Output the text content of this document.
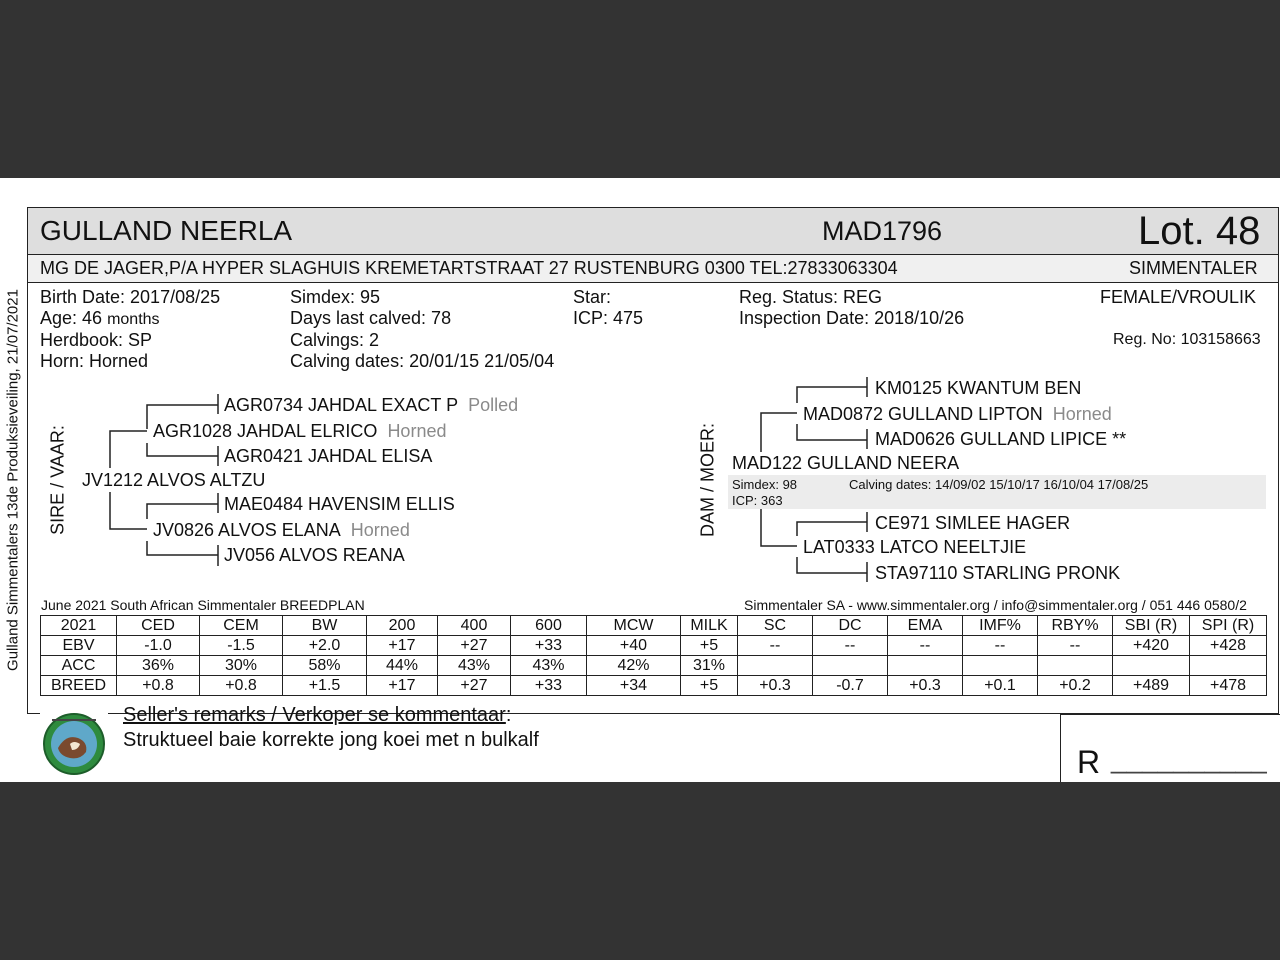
Gulland Simmentalers 13de Produksieveiling, 21/07/2021
GULLAND NEERLA	MAD1796	Lot. 48
MG DE JAGER,P/A HYPER SLAGHUIS KREMETARTSTRAAT 27 RUSTENBURG 0300 TEL:27833063304	SIMMENTALER
Birth Date: 2017/08/25
Age: 46 months
Herdbook: SP
Horn: Horned
Simdex: 95
Days last calved: 78
Calvings: 2
Calving dates: 20/01/15 21/05/04
Star:
ICP: 475
Reg. Status: REG
Inspection Date: 2018/10/26
FEMALE/VROULIK
Reg. No: 103158663
SIRE / VAAR:
AGR0734 JAHDAL EXACT P Polled
AGR1028 JAHDAL ELRICO Horned
AGR0421 JAHDAL ELISA
JV1212 ALVOS ALTZU
MAE0484 HAVENSIM ELLIS
JV0826 ALVOS ELANA Horned
JV056 ALVOS REANA
DAM / MOER:
KM0125 KWANTUM BEN
MAD0872 GULLAND LIPTON Horned
MAD0626 GULLAND LIPICE **
MAD122 GULLAND NEERA
Simdex: 98	Calving dates: 14/09/02 15/10/17 16/10/04 17/08/25
ICP: 363
CE971 SIMLEE HAGER
LAT0333 LATCO NEELTJIE
STA97110 STARLING PRONK
June 2021 South African Simmentaler BREEDPLAN	Simmentaler SA - www.simmentaler.org / info@simmentaler.org / 051 446 0580/2
2021	CED	CEM	BW	200	400	600	MCW	MILK	SC	DC	EMA	IMF%	RBY%	SBI (R)	SPI (R)
EBV	-1.0	-1.5	+2.0	+17	+27	+33	+40	+5	--	--	--	--	--	+420	+428
ACC	36%	30%	58%	44%	43%	43%	42%	31%							
BREED	+0.8	+0.8	+1.5	+17	+27	+33	+34	+5	+0.3	-0.7	+0.3	+0.1	+0.2	+489	+478
Seller's remarks / Verkoper se kommentaar:
Struktueel baie korrekte jong koei met n bulkalf
R __________
